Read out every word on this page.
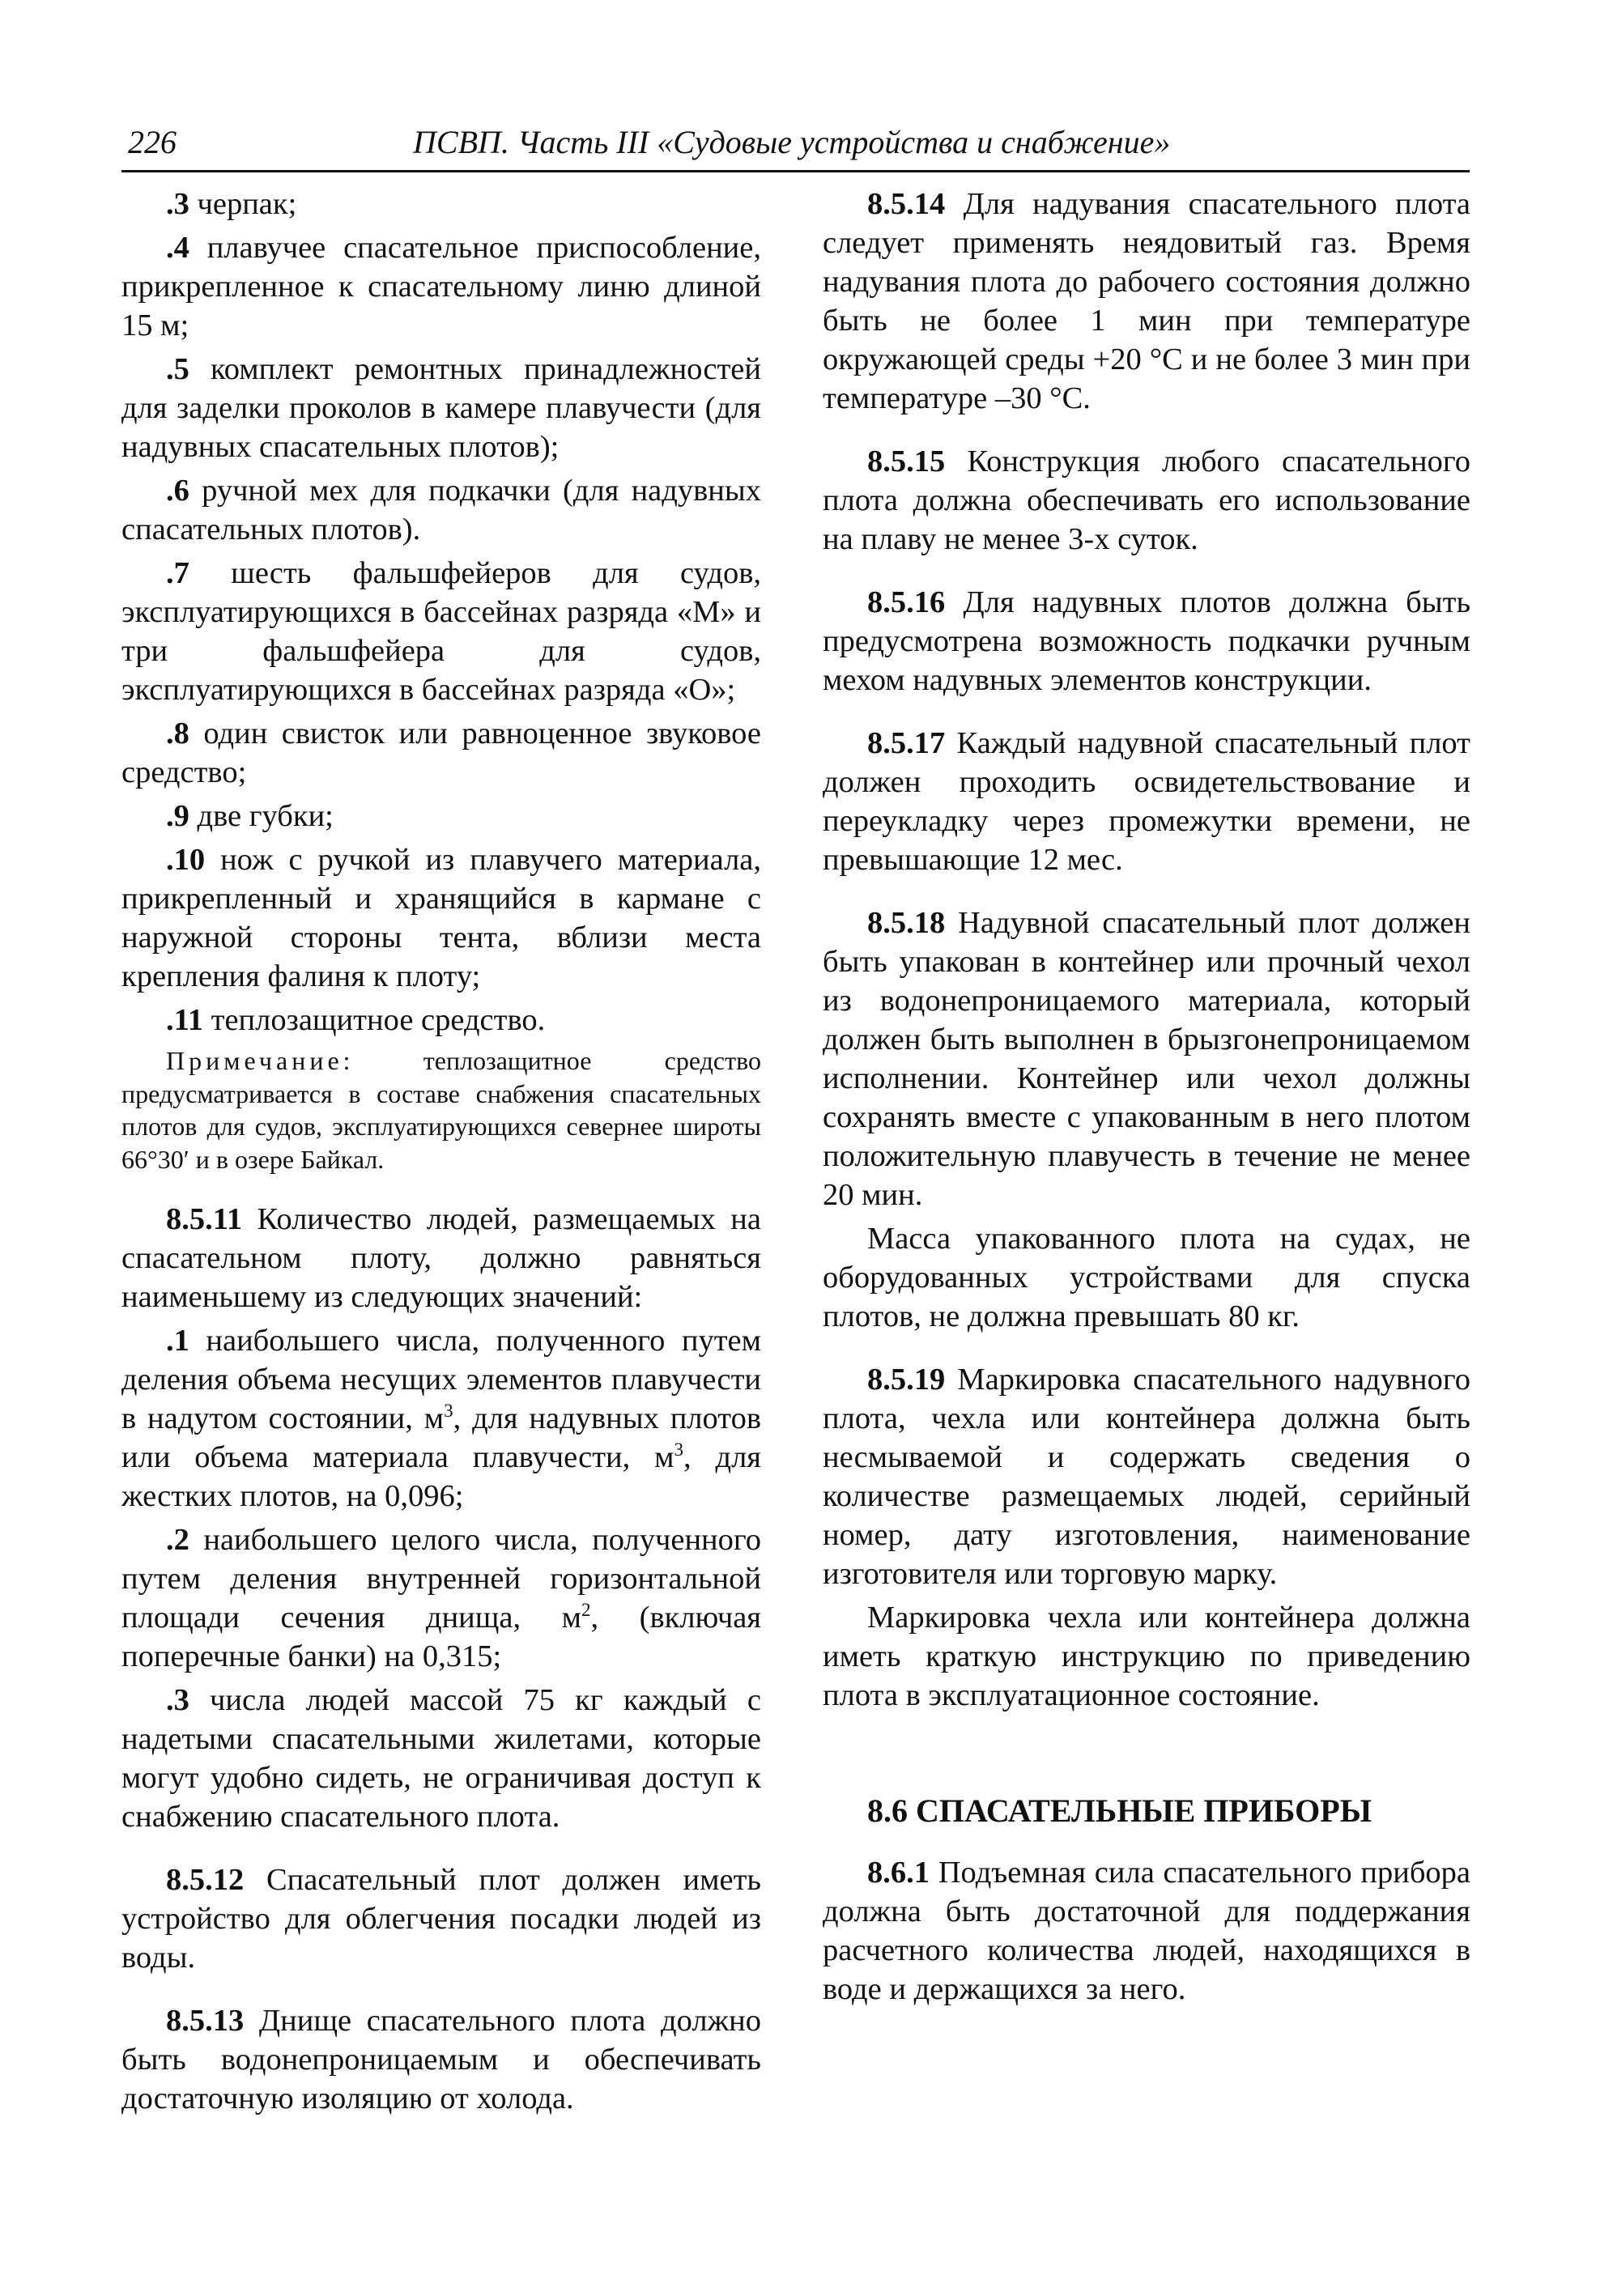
226	ПСВП. Часть III «Судовые устройства и снабжение»

.3 черпак;

.4 плавучее спасательное приспособление, прикрепленное к спасательному линю длиной 15 м;

.5 комплект ремонтных принадлежностей для заделки проколов в камере плавучести (для надувных спасательных плотов);

.6 ручной мех для подкачки (для надувных спасательных плотов).

.7 шесть фальшфейеров для судов, эксплуатирующихся в бассейнах разряда «М» и три фальшфейера для судов, эксплуатирующихся в бассейнах разряда «О»;

.8 один свисток или равноценное звуковое средство;

.9 две губки;

.10 нож с ручкой из плавучего материала, прикрепленный и хранящийся в кармане с наружной стороны тента, вблизи места крепления фалиня к плоту;

.11 теплозащитное средство.

Примечание: теплозащитное средство предусматривается в составе снабжения спасательных плотов для судов, эксплуатирующихся севернее широты 66°30′ и в озере Байкал.

8.5.11 Количество людей, размещаемых на спасательном плоту, должно равняться наименьшему из следующих значений:

.1 наибольшего числа, полученного путем деления объема несущих элементов плавучести в надутом состоянии, $м^3$, для надувных плотов или объема материала плавучести, $м^3$, для жестких плотов, на 0,096;

.2 наибольшего целого числа, полученного путем деления внутренней горизонтальной площади сечения днища, $м^2$, (включая поперечные банки) на 0,315;

.3 числа людей массой 75 кг каждый с надетыми спасательными жилетами, которые могут удобно сидеть, не ограничивая доступ к снабжению спасательного плота.

8.5.12 Спасательный плот должен иметь устройство для облегчения посадки людей из воды.

8.5.13 Днище спасательного плота должно быть водонепроницаемым и обеспечивать достаточную изоляцию от холода.

8.5.14 Для надувания спасательного плота следует применять неядовитый газ. Время надувания плота до рабочего состояния должно быть не более 1 мин при температуре окружающей среды +20 °С и не более 3 мин при температуре –30 °С.

8.5.15 Конструкция любого спасательного плота должна обеспечивать его использование на плаву не менее 3-х суток.

8.5.16 Для надувных плотов должна быть предусмотрена возможность подкачки ручным мехом надувных элементов конструкции.

8.5.17 Каждый надувной спасательный плот должен проходить освидетельствование и переукладку через промежутки времени, не превышающие 12 мес.

8.5.18 Надувной спасательный плот должен быть упакован в контейнер или прочный чехол из водонепроницаемого материала, который должен быть выполнен в брызгонепроницаемом исполнении. Контейнер или чехол должны сохранять вместе с упакованным в него плотом положительную плавучесть в течение не менее 20 мин.

Масса упакованного плота на судах, не оборудованных устройствами для спуска плотов, не должна превышать 80 кг.

8.5.19 Маркировка спасательного надувного плота, чехла или контейнера должна быть несмываемой и содержать сведения о количестве размещаемых людей, серийный номер, дату изготовления, наименование изготовителя или торговую марку.

Маркировка чехла или контейнера должна иметь краткую инструкцию по приведению плота в эксплуатационное состояние.

8.6 СПАСАТЕЛЬНЫЕ ПРИБОРЫ

8.6.1 Подъемная сила спасательного прибора должна быть достаточной для поддержания расчетного количества людей, находящихся в воде и держащихся за него.
